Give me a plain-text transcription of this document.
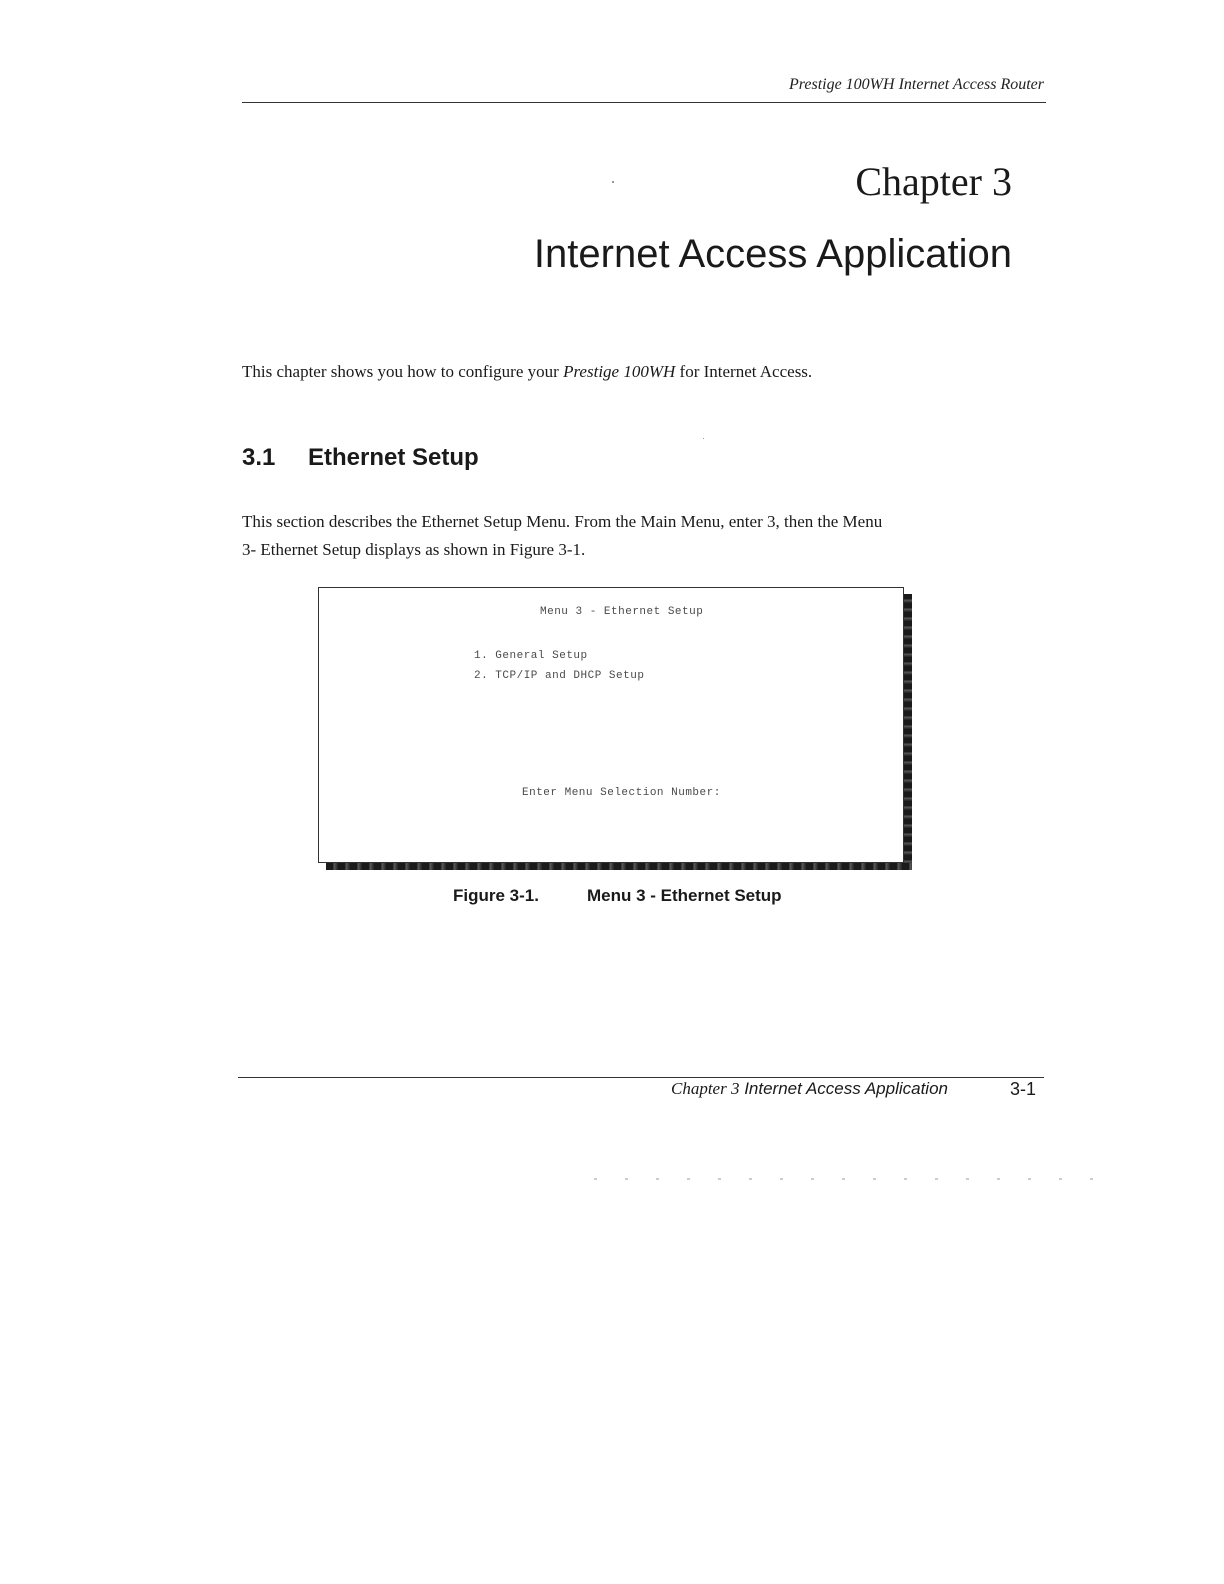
Prestige 100WH Internet Access Router
Chapter 3
Internet Access Application
This chapter shows you how to configure your Prestige 100WH for Internet Access.
3.1 Ethernet Setup
This section describes the Ethernet Setup Menu. From the Main Menu, enter 3, then the Menu
3- Ethernet Setup displays as shown in Figure 3-1.
Menu 3 - Ethernet Setup
1. General Setup
2. TCP/IP and DHCP Setup
Enter Menu Selection Number:
Figure 3-1.	Menu 3 - Ethernet Setup
Chapter 3 Internet Access Application	3-1
